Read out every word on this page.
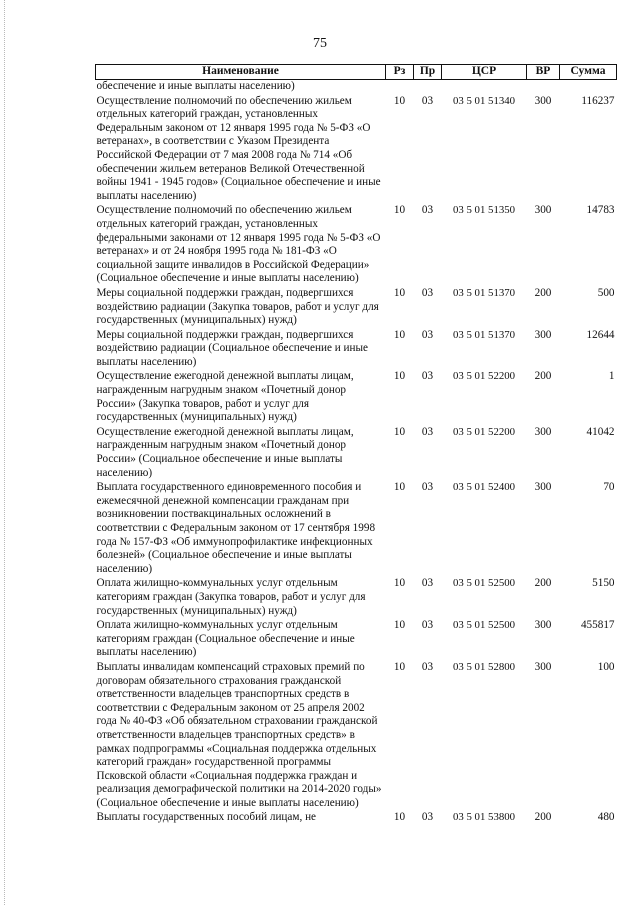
75
Наименование	Рз	Пр	ЦСР	ВР	Сумма
обеспечение и иные выплаты населению)					
Осуществление полномочий по обеспечению жильем отдельных категорий граждан, установленных Федеральным законом от 12 января 1995 года № 5-ФЗ «О ветеранах», в соответствии с Указом Президента Российской Федерации от 7 мая 2008 года № 714 «Об обеспечении жильем ветеранов Великой Отечественной войны 1941 - 1945 годов» (Социальное обеспечение и иные выплаты населению)	10	03	03 5 01 51340	300	116237
Осуществление полномочий по обеспечению жильем отдельных категорий граждан, установленных федеральными законами от 12 января 1995 года № 5-ФЗ «О ветеранах» и от 24 ноября 1995 года № 181-ФЗ «О социальной защите инвалидов в Российской Федерации» (Социальное обеспечение и иные выплаты населению)	10	03	03 5 01 51350	300	14783
Меры социальной поддержки граждан, подвергшихся воздействию радиации (Закупка товаров, работ и услуг для государственных (муниципальных) нужд)	10	03	03 5 01 51370	200	500
Меры социальной поддержки граждан, подвергшихся воздействию радиации (Социальное обеспечение и иные выплаты населению)	10	03	03 5 01 51370	300	12644
Осуществление ежегодной денежной выплаты лицам, награжденным нагрудным знаком «Почетный донор России» (Закупка товаров, работ и услуг для государственных (муниципальных) нужд)	10	03	03 5 01 52200	200	1
Осуществление ежегодной денежной выплаты лицам, награжденным нагрудным знаком «Почетный донор России» (Социальное обеспечение и иные выплаты населению)	10	03	03 5 01 52200	300	41042
Выплата государственного единовременного пособия и ежемесячной денежной компенсации гражданам при возникновении поствакцинальных осложнений в соответствии с Федеральным законом от 17 сентября 1998 года № 157-ФЗ «Об иммунопрофилактике инфекционных болезней» (Социальное обеспечение и иные выплаты населению)	10	03	03 5 01 52400	300	70
Оплата жилищно-коммунальных услуг отдельным категориям граждан (Закупка товаров, работ и услуг для государственных (муниципальных) нужд)	10	03	03 5 01 52500	200	5150
Оплата жилищно-коммунальных услуг отдельным категориям граждан (Социальное обеспечение и иные выплаты населению)	10	03	03 5 01 52500	300	455817
Выплаты инвалидам компенсаций страховых премий по договорам обязательного страхования гражданской ответственности владельцев транспортных средств в соответствии с Федеральным законом от 25 апреля 2002 года № 40-ФЗ «Об обязательном страховании гражданской ответственности владельцев транспортных средств» в рамках подпрограммы «Социальная поддержка отдельных категорий граждан» государственной программы Псковской области «Социальная поддержка граждан и реализация демографической политики на 2014-2020 годы» (Социальное обеспечение и иные выплаты населению)	10	03	03 5 01 52800	300	100
Выплаты государственных пособий лицам, не	10	03	03 5 01 53800	200	480
